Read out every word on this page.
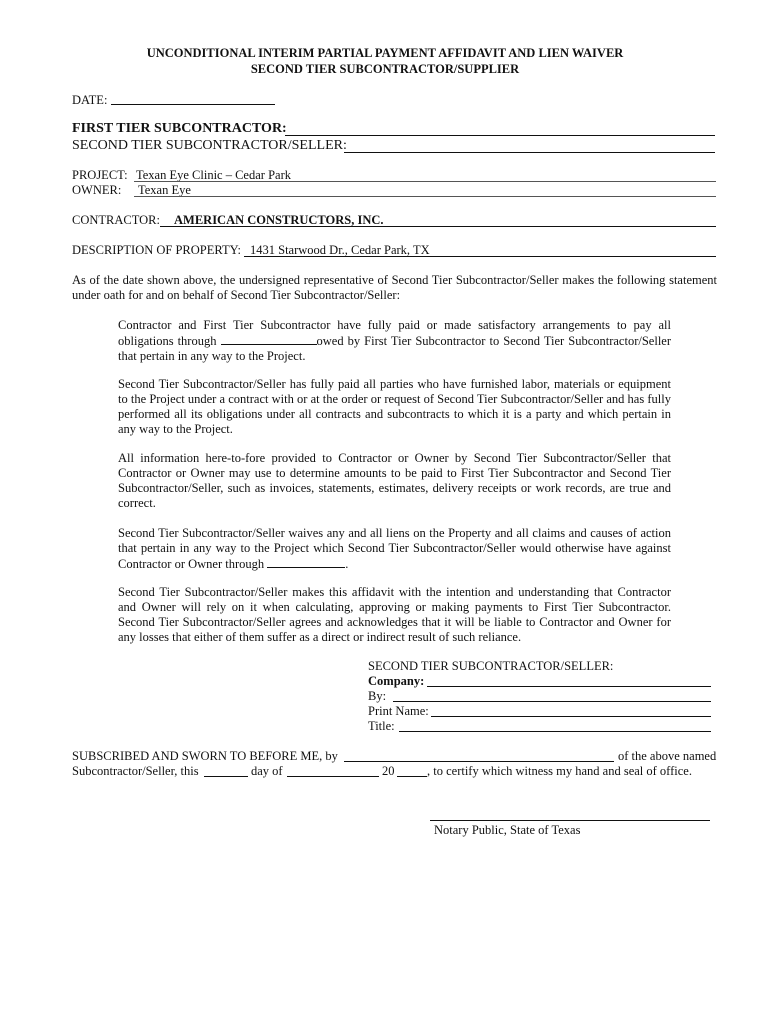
UNCONDITIONAL INTERIM PARTIAL PAYMENT AFFIDAVIT AND LIEN WAIVER
SECOND TIER SUBCONTRACTOR/SUPPLIER
DATE:
FIRST TIER SUBCONTRACTOR:
SECOND TIER SUBCONTRACTOR/SELLER:
PROJECT: Texan Eye Clinic – Cedar Park
OWNER: Texan Eye
CONTRACTOR: AMERICAN CONSTRUCTORS, INC.
DESCRIPTION OF PROPERTY: 1431 Starwood Dr., Cedar Park, TX
As of the date shown above, the undersigned representative of Second Tier Subcontractor/Seller makes the following statement under oath for and on behalf of Second Tier Subcontractor/Seller:
Contractor and First Tier Subcontractor have fully paid or made satisfactory arrangements to pay all obligations through	owed by First Tier Subcontractor to Second Tier Subcontractor/Seller that pertain in any way to the Project.
Second Tier Subcontractor/Seller has fully paid all parties who have furnished labor, materials or equipment to the Project under a contract with or at the order or request of Second Tier Subcontractor/Seller and has fully performed all its obligations under all contracts and subcontracts to which it is a party and which pertain in any way to the Project.
All information here-to-fore provided to Contractor or Owner by Second Tier Subcontractor/Seller that Contractor or Owner may use to determine amounts to be paid to First Tier Subcontractor and Second Tier Subcontractor/Seller, such as invoices, statements, estimates, delivery receipts or work records, are true and correct.
Second Tier Subcontractor/Seller waives any and all liens on the Property and all claims and causes of action that pertain in any way to the Project which Second Tier Subcontractor/Seller would otherwise have against Contractor or Owner through	.
Second Tier Subcontractor/Seller makes this affidavit with the intention and understanding that Contractor and Owner will rely on it when calculating, approving or making payments to First Tier Subcontractor. Second Tier Subcontractor/Seller agrees and acknowledges that it will be liable to Contractor and Owner for any losses that either of them suffer as a direct or indirect result of such reliance.
SECOND TIER SUBCONTRACTOR/SELLER:
Company:
By:
Print Name:
Title:
SUBSCRIBED AND SWORN TO BEFORE ME, by	of the above named
Subcontractor/Seller, this	day of	20	, to certify which witness my hand and seal of office.
Notary Public, State of Texas
